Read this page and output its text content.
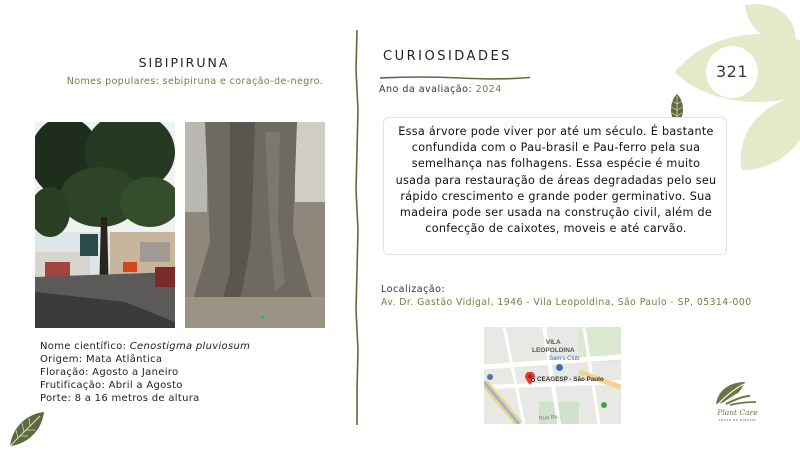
SIBIPIRUNA
Nomes populares: sebipiruna e coração-de-negro.
Nome científico: Cenostigma pluviosum
Origem: Mata Atlântica
Floração: Agosto a Janeiro
Frutificação: Abril a Agosto
Porte: 8 a 16 metros de altura
CURIOSIDADES
Ano da avaliação: 2024
Essa árvore pode viver por até um século. É bastante confundida com o Pau-brasil e Pau-ferro pela sua semelhança nas folhagens. Essa espécie é muito usada para restauração de áreas degradadas pelo seu rápido crescimento e grande poder germinativo. Sua madeira pode ser usada na construção civil, além de confecção de caixotes, moveis e até carvão.
Localização:
Av. Dr. Gastão Vidigal, 1946 - Vila Leopoldina, São Paulo - SP, 05314-000
VILA
LEOPOLDINA
Sam's Club
CEAGESP - São Paulo
Rua Ra...
321
Plant Care
censo de plantas
